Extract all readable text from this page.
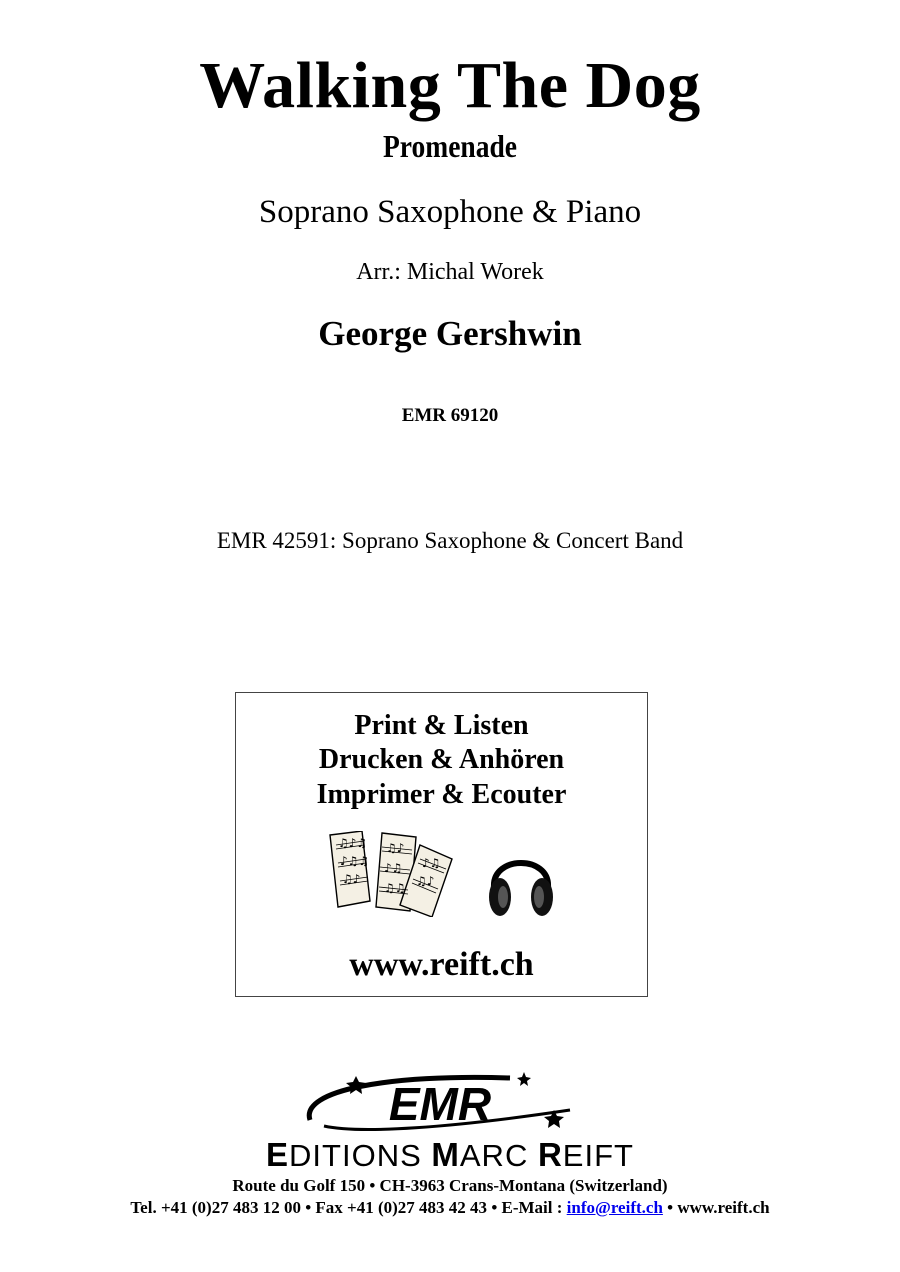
Walking The Dog
Promenade
Soprano Saxophone & Piano
Arr.: Michal Worek
George Gershwin
EMR 69120
EMR 42591: Soprano Saxophone & Concert Band
Print & Listen
Drucken & Anhören
Imprimer & Ecouter
♫♪♫
♪♫♫
♫♪
♫♪
♪♫
♫♫
♪♫
♫♪
www.reift.ch
EMR
EDITIONS MARC REIFT
Route du Golf 150 • CH-3963 Crans-Montana (Switzerland)
Tel. +41 (0)27 483 12 00 • Fax +41 (0)27 483 42 43 • E-Mail : info@reift.ch • www.reift.ch
